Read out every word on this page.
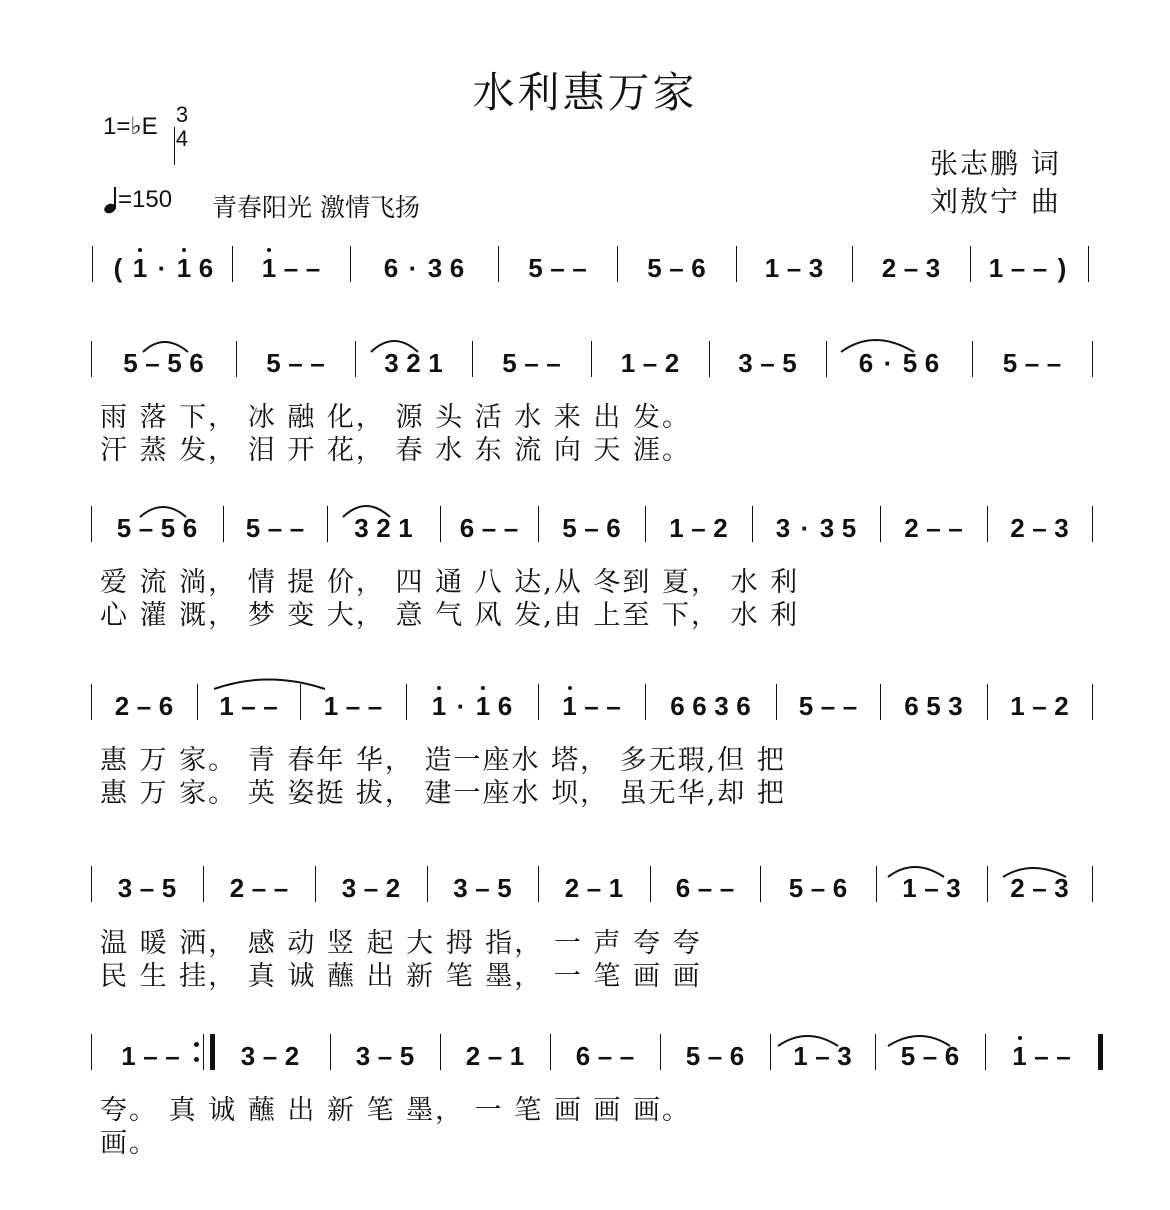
水利惠万家
1=♭E 3
4
=150 青春阳光 激情飞扬
张志鹏 词
刘敖宁 曲
( 1 · 1 6 1 – – 6 · 3 6 5 – – 5 – 6 1 – 3 2 – 3 1 – – )
5 – 5 6 5 – – 3 2 1 5 – – 1 – 2 3 – 5 6 · 5 6 5 – –
雨 落 下， 冰 融 化， 源 头 活 水 来 出 发。
汗 蒸 发， 泪 开 花， 春 水 东 流 向 天 涯。
5 – 5 6 5 – – 3 2 1 6 – – 5 – 6 1 – 2 3 · 3 5 2 – – 2 – 3
爱 流 淌， 情 提 价， 四 通 八 达,从 冬到 夏， 水 利
心 灌 溉， 梦 变 大， 意 气 风 发,由 上至 下， 水 利
2 – 6 1 – – 1 – – 1 · 1 6 1 – – 6 6 3 6 5 – – 6 5 3 1 – 2
惠 万 家。 青 春年 华， 造一座水 塔， 多无瑕,但 把
惠 万 家。 英 姿挺 拔， 建一座水 坝， 虽无华,却 把
3 – 5 2 – – 3 – 2 3 – 5 2 – 1 6 – – 5 – 6 1 – 3 2 – 3
温 暖 洒， 感 动 竖 起 大 拇 指， 一 声 夸 夸
民 生 挂， 真 诚 蘸 出 新 笔 墨， 一 笔 画 画
1 – – 3 – 2 3 – 5 2 – 1 6 – – 5 – 6 1 – 3 5 – 6 1 – –
夸。 真 诚 蘸 出 新 笔 墨， 一 笔 画 画 画。
画。
